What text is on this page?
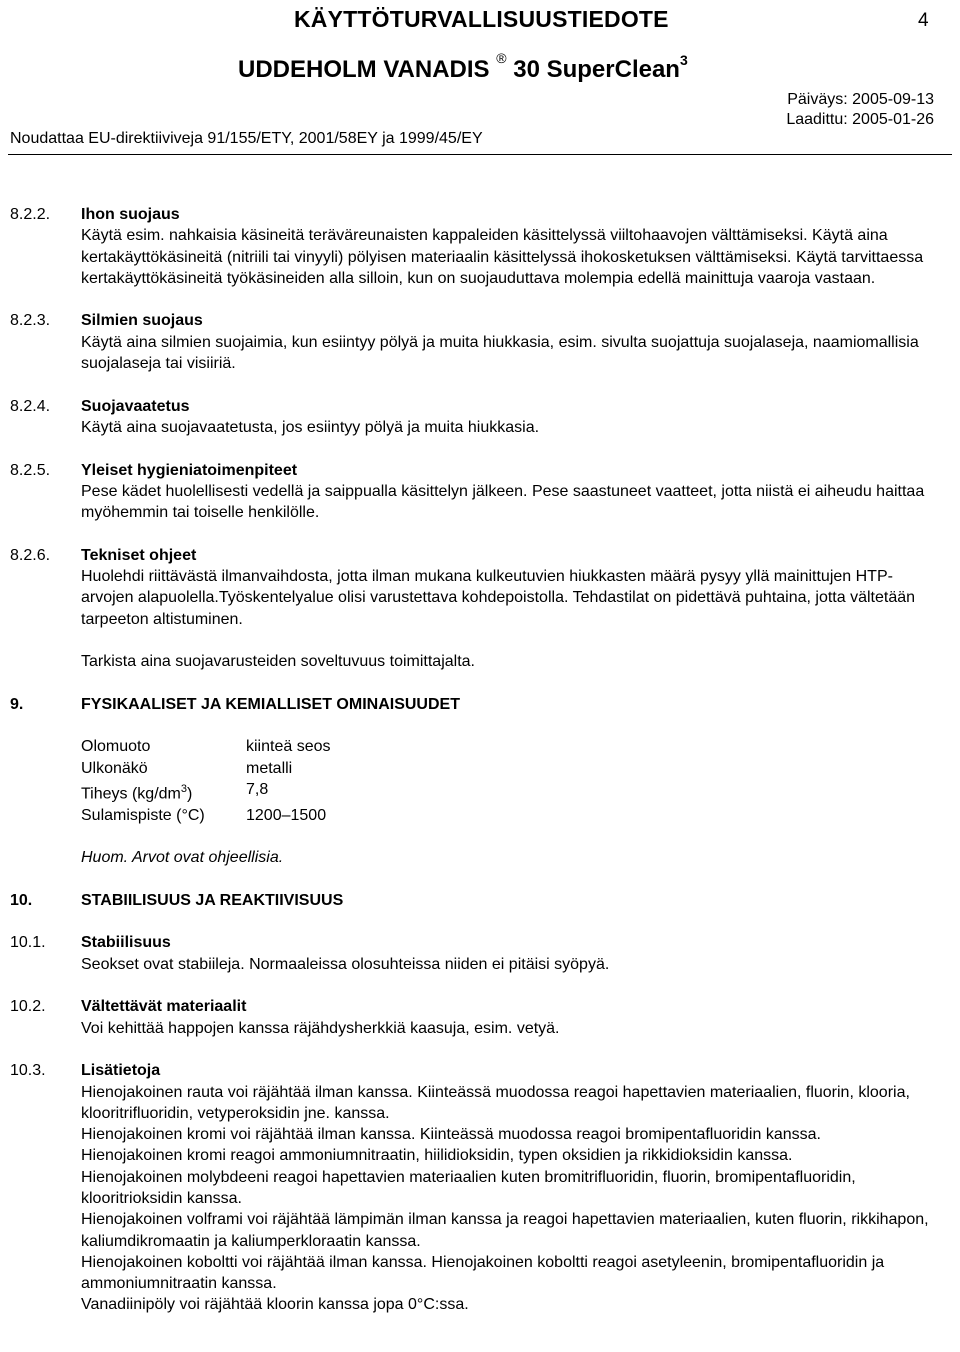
KÄYTTÖTURVALLISUUSTIEDOTE	4
UDDEHOLM VANADIS ® 30 SuperClean$^3$
Päiväys: 2005-09-13
Laadittu: 2005-01-26
Noudattaa EU-direktiiviveja 91/155/ETY, 2001/58EY ja 1999/45/EY
8.2.2. Ihon suojaus

Käytä esim. nahkaisia käsineitä teräväreunaisten kappaleiden käsittelyssä viiltohaavojen välttämiseksi. Käytä aina kertakäyttökäsineitä (nitriili tai vinyyli) pölyisen materiaalin käsittelyssä ihokosketuksen välttämiseksi. Käytä tarvittaessa kertakäyttökäsineitä työkäsineiden alla silloin, kun on suojauduttava molempia edellä mainittuja vaaroja vastaan.

8.2.3. Silmien suojaus

Käytä aina silmien suojaimia, kun esiintyy pölyä ja muita hiukkasia, esim. sivulta suojattuja suojalaseja, naamiomallisia suojalaseja tai visiiriä.

8.2.4. Suojavaatetus

Käytä aina suojavaatetusta, jos esiintyy pölyä ja muita hiukkasia.

8.2.5. Yleiset hygieniatoimenpiteet

Pese kädet huolellisesti vedellä ja saippualla käsittelyn jälkeen. Pese saastuneet vaatteet, jotta niistä ei aiheudu haittaa myöhemmin tai toiselle henkilölle.

8.2.6. Tekniset ohjeet

Huolehdi riittävästä ilmanvaihdosta, jotta ilman mukana kulkeutuvien hiukkasten määrä pysyy yllä mainittujen HTP-arvojen alapuolella.Työskentelyalue olisi varustettava kohdepoistolla. Tehdastilat on pidettävä puhtaina, jotta vältetään tarpeeton altistuminen.

Tarkista aina suojavarusteiden soveltuvuus toimittajalta.

9.	FYSIKAALISET JA KEMIALLISET OMINAISUUDET
Olomuoto	kiinteä seos
Ulkonäkö	metalli
Tiheys $(kg/dm^3)$	7,8
Sulamispiste (°C)	1200–1500
Huom. Arvot ovat ohjeellisia.
10.	STABIILISUUS JA REAKTIIVISUUS
10.1. Stabiilisuus

Seokset ovat stabiileja. Normaaleissa olosuhteissa niiden ei pitäisi syöpyä.

10.2. Vältettävät materiaalit

Voi kehittää happojen kanssa räjähdysherkkiä kaasuja, esim. vetyä.

10.3. Lisätietoja

Hienojakoinen rauta voi räjähtää ilman kanssa. Kiinteässä muodossa reagoi hapettavien materiaalien, fluorin, klooria, klooritrifluoridin, vetyperoksidin jne. kanssa.

Hienojakoinen kromi voi räjähtää ilman kanssa. Kiinteässä muodossa reagoi bromipentafluoridin kanssa.

Hienojakoinen kromi reagoi ammoniumnitraatin, hiilidioksidin, typen oksidien ja rikkidioksidin kanssa.

Hienojakoinen molybdeeni reagoi hapettavien materiaalien kuten bromitrifluoridin, fluorin, bromipentafluoridin, klooritrioksidin kanssa.

Hienojakoinen volframi voi räjähtää lämpimän ilman kanssa ja reagoi hapettavien materiaalien, kuten fluorin, rikkihapon, kaliumdikromaatin ja kaliumperkloraatin kanssa.

Hienojakoinen koboltti voi räjähtää ilman kanssa. Hienojakoinen koboltti reagoi asetyleenin, bromipentafluoridin ja ammoniumnitraatin kanssa.

Vanadiinipöly voi räjähtää kloorin kanssa jopa 0°C:ssa.
